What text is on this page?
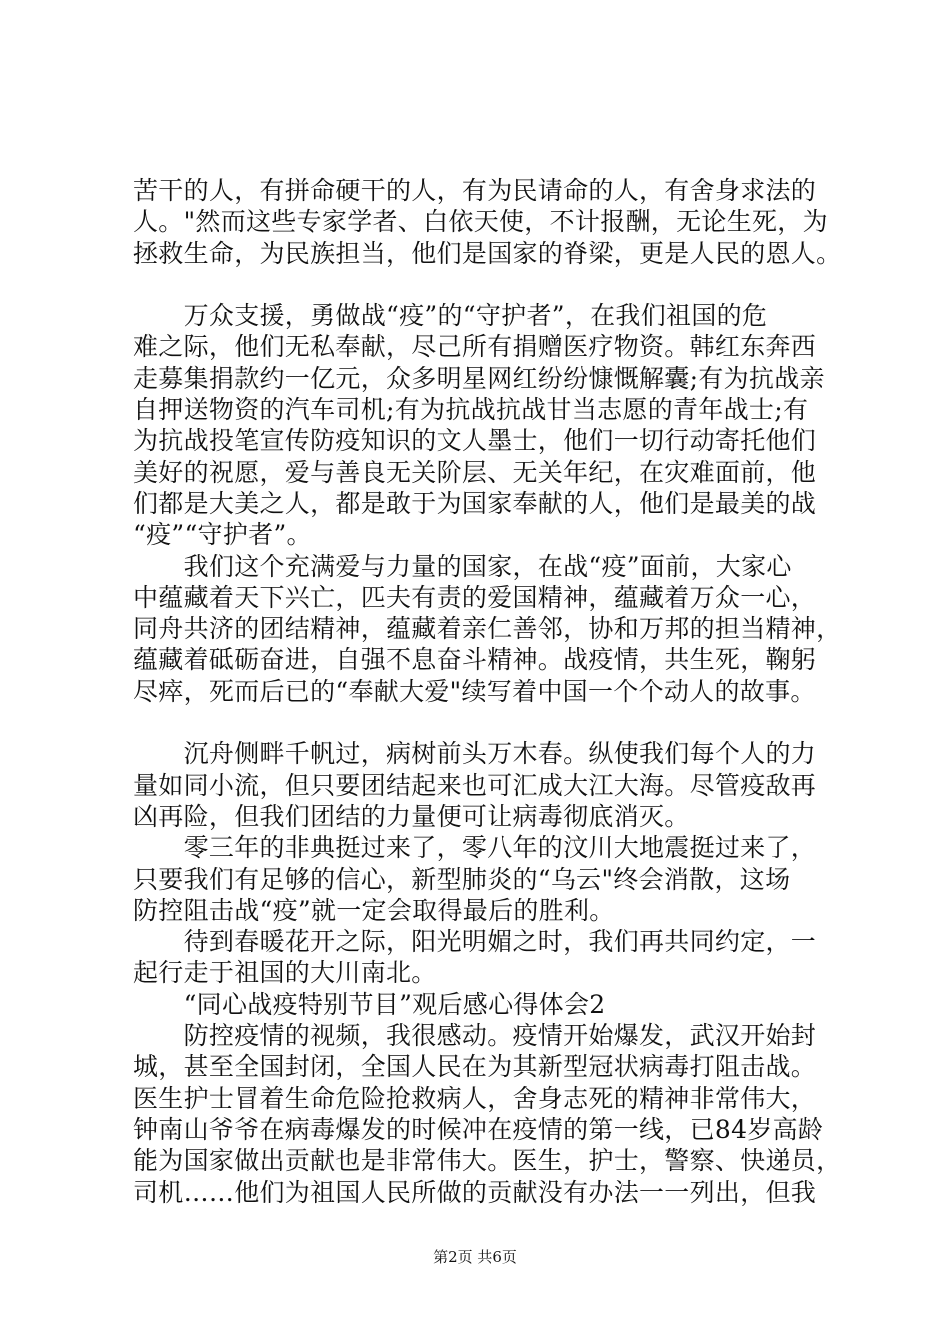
苦干的人，有拼命硬干的人，有为民请命的人，有舍身求法的
人。"然而这些专家学者、白依天使，不计报酬，无论生死，为
拯救生命，为民族担当，他们是国家的脊梁，更是人民的恩人。
　　万众支援，勇做战“疫”的“守护者”，在我们祖国的危
难之际，他们无私奉献，尽己所有捐赠医疗物资。韩红东奔西
走募集捐款约一亿元，众多明星网红纷纷慷慨解囊;有为抗战亲
自押送物资的汽车司机;有为抗战抗战甘当志愿的青年战士;有
为抗战投笔宣传防疫知识的文人墨士，他们一切行动寄托他们
美好的祝愿，爱与善良无关阶层、无关年纪，在灾难面前，他
们都是大美之人，都是敢于为国家奉献的人，他们是最美的战
“疫”“守护者”。
　　我们这个充满爱与力量的国家，在战“疫”面前，大家心
中蕴藏着天下兴亡，匹夫有责的爱国精神，蕴藏着万众一心，
同舟共济的团结精神，蕴藏着亲仁善邻，协和万邦的担当精神，
蕴藏着砥砺奋进，自强不息奋斗精神。战疫情，共生死，鞠躬
尽瘁，死而后已的“奉献大爱"续写着中国一个个动人的故事。
　　沉舟侧畔千帆过，病树前头万木春。纵使我们每个人的力
量如同小流，但只要团结起来也可汇成大江大海。尽管疫敌再
凶再险，但我们团结的力量便可让病毒彻底消灭。
　　零三年的非典挺过来了，零八年的汶川大地震挺过来了，
只要我们有足够的信心，新型肺炎的“乌云"终会消散，这场
防控阻击战“疫”就一定会取得最后的胜利。
　　待到春暖花开之际，阳光明媚之时，我们再共同约定，一
起行走于祖国的大川南北。
　　“同心战疫特别节目”观后感心得体会2
　　防控疫情的视频，我很感动。疫情开始爆发，武汉开始封
城，甚至全国封闭，全国人民在为其新型冠状病毒打阻击战。
医生护士冒着生命危险抢救病人，舍身志死的精神非常伟大，
钟南山爷爷在病毒爆发的时候冲在疫情的第一线，已84岁高龄
能为国家做出贡献也是非常伟大。医生，护士，警察、快递员，
司机……他们为祖国人民所做的贡献没有办法一一列出，但我
第2页 共6页
